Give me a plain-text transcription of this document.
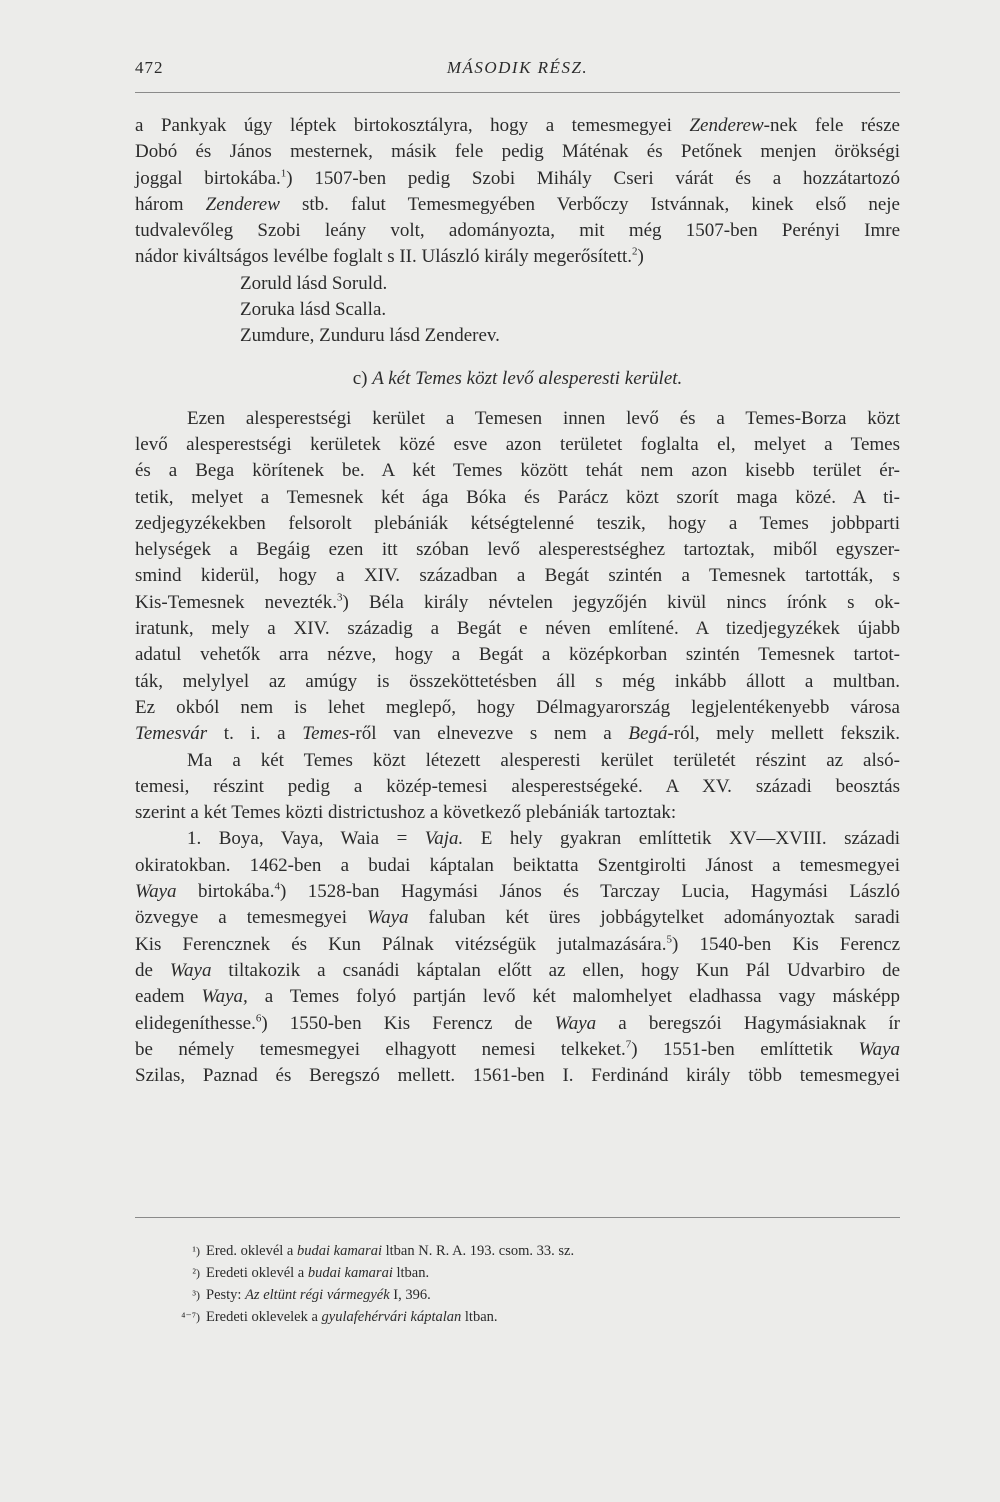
472	MÁSODIK RÉSZ.
a Pankyak úgy léptek birtokosztályra, hogy a temesmegyei Zenderew-nek fele része
Dobó és János mesternek, másik fele pedig Máténak és Petőnek menjen örökségi
joggal birtokába.$^1$) 1507-ben pedig Szobi Mihály Cseri várát és a hozzátartozó
három Zenderew stb. falut Temesmegyében Verbőczy Istvánnak, kinek első neje
tudvalevőleg Szobi leány volt, adományozta, mit még 1507-ben Perényi Imre
nádor kiváltságos levélbe foglalt s II. Ulászló király megerősített.$^2$)
Zoruld lásd Soruld.
Zoruka lásd Scalla.
Zumdure, Zunduru lásd Zenderev.
c) A két Temes közt levő alesperesti kerület.
Ezen alesperestségi kerület a Temesen innen levő és a Temes-Borza közt
levő alesperestségi kerületek közé esve azon területet foglalta el, melyet a Temes
és a Bega körítenek be. A két Temes között tehát nem azon kisebb terület ér-
tetik, melyet a Temesnek két ága Bóka és Parácz közt szorít maga közé. A ti-
zedjegyzékekben felsorolt plebániák kétségtelenné teszik, hogy a Temes jobbparti
helységek a Begáig ezen itt szóban levő alesperestséghez tartoztak, miből egyszer-
smind kiderül, hogy a XIV. században a Begát szintén a Temesnek tartották, s
Kis-Temesnek nevezték.$^3$) Béla király névtelen jegyzőjén kivül nincs írónk s ok-
iratunk, mely a XIV. századig a Begát e néven említené. A tizedjegyzékek újabb
adatul vehetők arra nézve, hogy a Begát a középkorban szintén Temesnek tartot-
ták, melylyel az amúgy is összeköttetésben áll s még inkább állott a multban.
Ez okból nem is lehet meglepő, hogy Délmagyarország legjelentékenyebb városa
Temesvár t. i. a Temes-ről van elnevezve s nem a Begá-ról, mely mellett fekszik.
Ma a két Temes közt létezett alesperesti kerület területét részint az alsó-
temesi, részint pedig a közép-temesi alesperestségeké. A XV. századi beosztás
szerint a két Temes közti districtushoz a következő plebániák tartoztak:
1. Boya, Vaya, Waia = Vaja. E hely gyakran említtetik XV—XVIII. századi
okiratokban. 1462-ben a budai káptalan beiktatta Szentgirolti Jánost a temesmegyei
Waya birtokába.$^4$) 1528-ban Hagymási János és Tarczay Lucia, Hagymási László
özvegye a temesmegyei Waya faluban két üres jobbágytelket adományoztak saradi
Kis Ferencznek és Kun Pálnak vitézségük jutalmazására.$^5$) 1540-ben Kis Ferencz
de Waya tiltakozik a csanádi káptalan előtt az ellen, hogy Kun Pál Udvarbiro de
eadem Waya, a Temes folyó partján levő két malomhelyet eladhassa vagy másképp
elidegeníthesse.$^6$) 1550-ben Kis Ferencz de Waya a beregszói Hagymásiaknak ír
be némely temesmegyei elhagyott nemesi telkeket.$^7$) 1551-ben említtetik Waya
Szilas, Paznad és Beregszó mellett. 1561-ben I. Ferdinánd király több temesmegyei
¹) Ered. oklevél a budai kamarai ltban N. R. A. 193. csom. 33. sz.
²) Eredeti oklevél a budai kamarai ltban.
³) Pesty: Az eltünt régi vármegyék I, 396.
⁴⁻⁷) Eredeti oklevelek a gyulafehérvári káptalan ltban.
